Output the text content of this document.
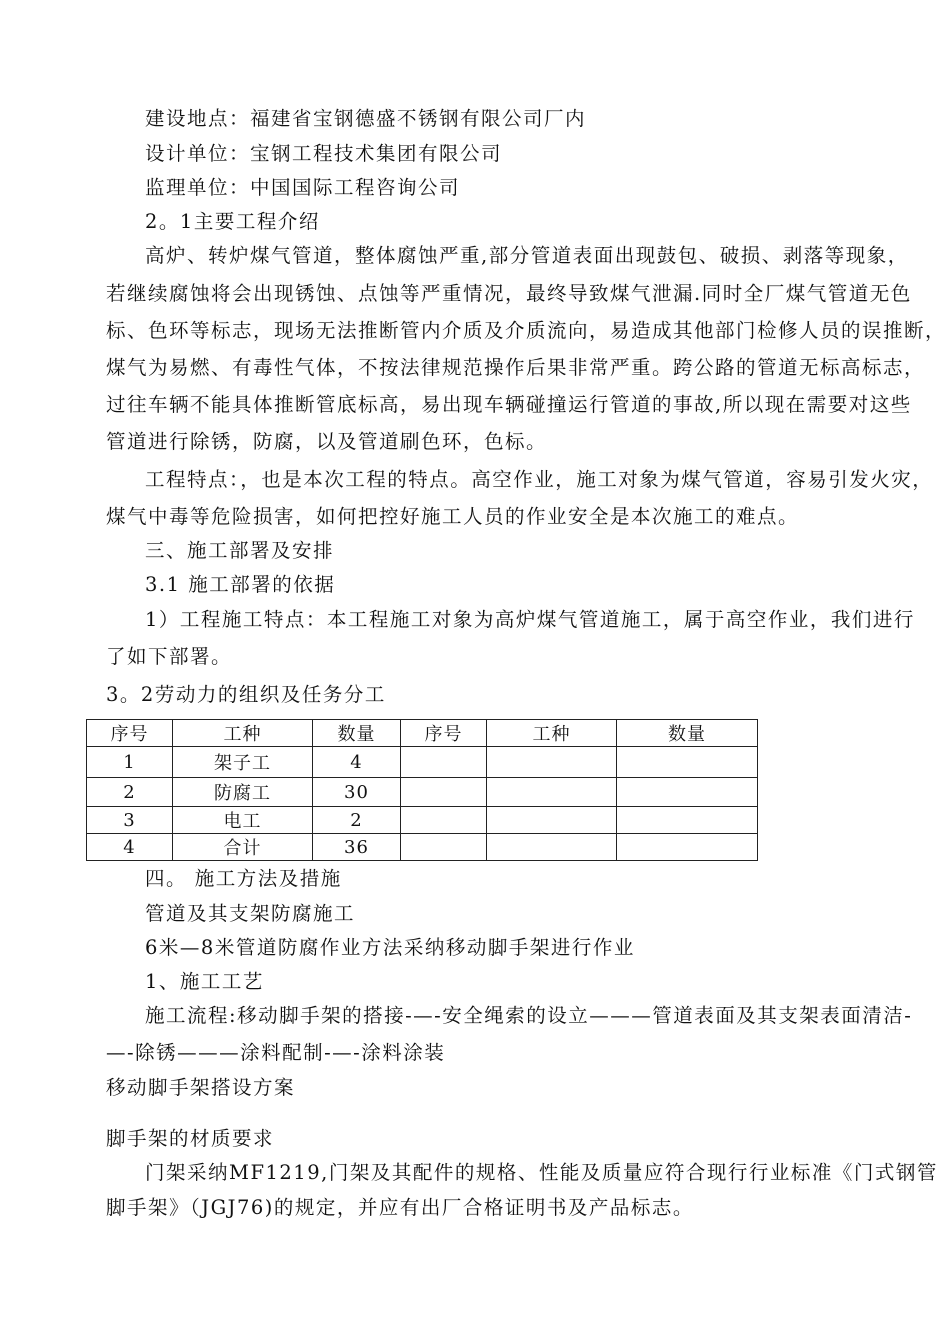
建设地点：福建省宝钢德盛不锈钢有限公司厂内
设计单位：宝钢工程技术集团有限公司
监理单位：中国国际工程咨询公司
2。1主要工程介绍
高炉、转炉煤气管道，整体腐蚀严重,部分管道表面出现鼓包、破损、剥落等现象，
若继续腐蚀将会出现锈蚀、点蚀等严重情况，最终导致煤气泄漏.同时全厂煤气管道无色
标、色环等标志，现场无法推断管内介质及介质流向，易造成其他部门检修人员的误推断，
煤气为易燃、有毒性气体，不按法律规范操作后果非常严重。跨公路的管道无标高标志，
过往车辆不能具体推断管底标高，易出现车辆碰撞运行管道的事故,所以现在需要对这些
管道进行除锈，防腐，以及管道刷色环，色标。
工程特点：，也是本次工程的特点。高空作业，施工对象为煤气管道，容易引发火灾，
煤气中毒等危险损害，如何把控好施工人员的作业安全是本次施工的难点。
三、施工部署及安排
3.1 施工部署的依据
1）工程施工特点：本工程施工对象为高炉煤气管道施工，属于高空作业，我们进行
了如下部署。
3。2劳动力的组织及任务分工
序号	工种	数量	序号	工种	数量
1	架子工	4			
2	防腐工	30			
3	电工	2			
4	合计	36			
四。 施工方法及措施
管道及其支架防腐施工
6米—8米管道防腐作业方法采纳移动脚手架进行作业
1、施工工艺
施工流程:移动脚手架的搭接-—-安全绳索的设立———管道表面及其支架表面清洁-
—-除锈———涂料配制-—-涂料涂装
移动脚手架搭设方案
脚手架的材质要求
门架采纳MF1219,门架及其配件的规格、性能及质量应符合现行行业标准《门式钢管
脚手架》（JGJ76)的规定，并应有出厂合格证明书及产品标志。
